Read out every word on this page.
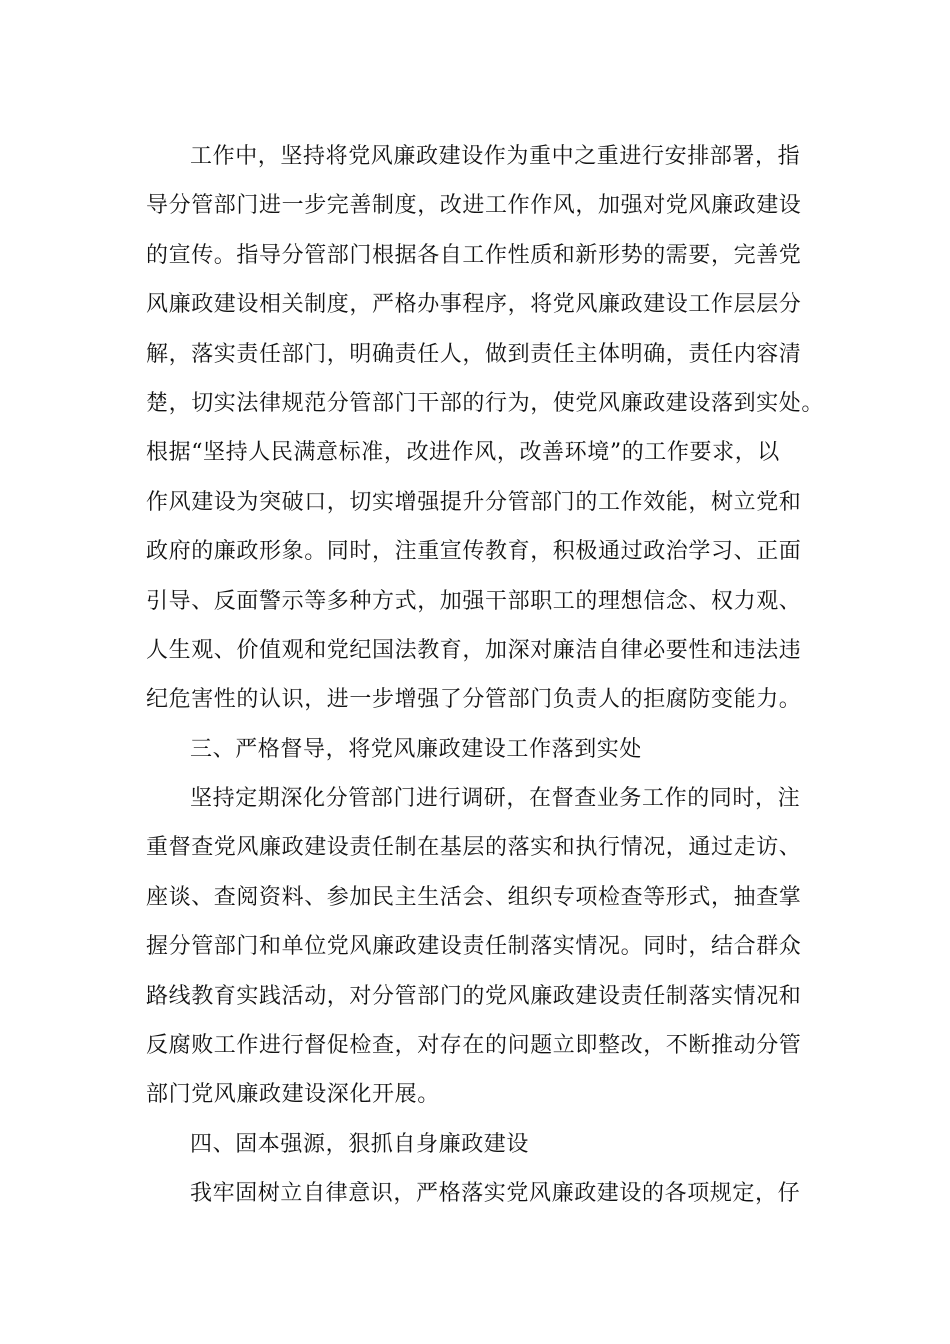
工作中，坚持将党风廉政建设作为重中之重进行安排部署，指
导分管部门进一步完善制度，改进工作作风，加强对党风廉政建设
的宣传。指导分管部门根据各自工作性质和新形势的需要，完善党
风廉政建设相关制度，严格办事程序，将党风廉政建设工作层层分
解，落实责任部门，明确责任人，做到责任主体明确，责任内容清
楚，切实法律规范分管部门干部的行为，使党风廉政建设落到实处。
根据“坚持人民满意标准，改进作风，改善环境”的工作要求，以
作风建设为突破口，切实增强提升分管部门的工作效能，树立党和
政府的廉政形象。同时，注重宣传教育，积极通过政治学习、正面
引导、反面警示等多种方式，加强干部职工的理想信念、权力观、
人生观、价值观和党纪国法教育，加深对廉洁自律必要性和违法违
纪危害性的认识，进一步增强了分管部门负责人的拒腐防变能力。
三、严格督导，将党风廉政建设工作落到实处
坚持定期深化分管部门进行调研，在督查业务工作的同时，注
重督查党风廉政建设责任制在基层的落实和执行情况，通过走访、
座谈、查阅资料、参加民主生活会、组织专项检查等形式，抽查掌
握分管部门和单位党风廉政建设责任制落实情况。同时，结合群众
路线教育实践活动，对分管部门的党风廉政建设责任制落实情况和
反腐败工作进行督促检查，对存在的问题立即整改，不断推动分管
部门党风廉政建设深化开展。
四、固本强源，狠抓自身廉政建设
我牢固树立自律意识，严格落实党风廉政建设的各项规定，仔
